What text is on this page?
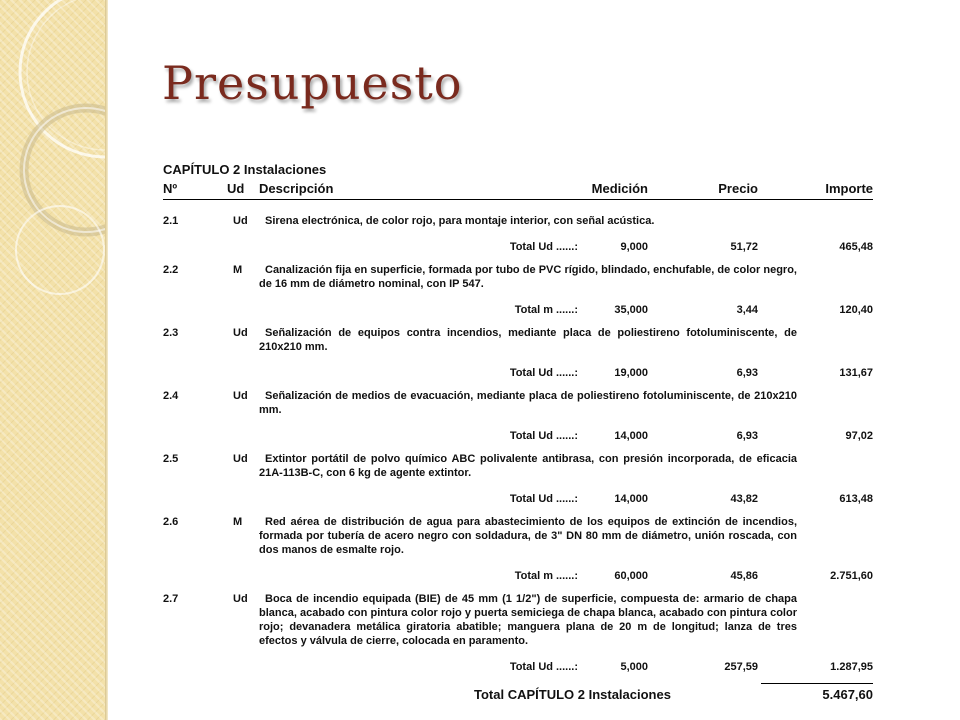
Presupuesto
CAPÍTULO 2 Instalaciones
Nº	Ud Descripción	Medición	Precio	Importe
2.1	Ud	Sirena electrónica, de color rojo, para montaje interior, con señal acústica.
Total Ud ......:	9,000	51,72	465,48
2.2	M	Canalización fija en superficie, formada por tubo de PVC rígido, blindado, enchufable, de color negro, de 16 mm de diámetro nominal, con IP 547.
Total m ......:	35,000	3,44	120,40
2.3	Ud	Señalización de equipos contra incendios, mediante placa de poliestireno fotoluminiscente, de 210x210 mm.
Total Ud ......:	19,000	6,93	131,67
2.4	Ud	Señalización de medios de evacuación, mediante placa de poliestireno fotoluminiscente, de 210x210 mm.
Total Ud ......:	14,000	6,93	97,02
2.5	Ud	Extintor portátil de polvo químico ABC polivalente antibrasa, con presión incorporada, de eficacia 21A-113B-C, con 6 kg de agente extintor.
Total Ud ......:	14,000	43,82	613,48
2.6	M	Red aérea de distribución de agua para abastecimiento de los equipos de extinción de incendios, formada por tubería de acero negro con soldadura, de 3" DN 80 mm de diámetro, unión roscada, con dos manos de esmalte rojo.
Total m ......:	60,000	45,86	2.751,60
2.7	Ud	Boca de incendio equipada (BIE) de 45 mm (1 1/2") de superficie, compuesta de: armario de chapa blanca, acabado con pintura color rojo y puerta semiciega de chapa blanca, acabado con pintura color rojo; devanadera metálica giratoria abatible; manguera plana de 20 m de longitud; lanza de tres efectos y válvula de cierre, colocada en paramento.
Total Ud ......:	5,000	257,59	1.287,95
Total CAPÍTULO 2 Instalaciones	5.467,60
